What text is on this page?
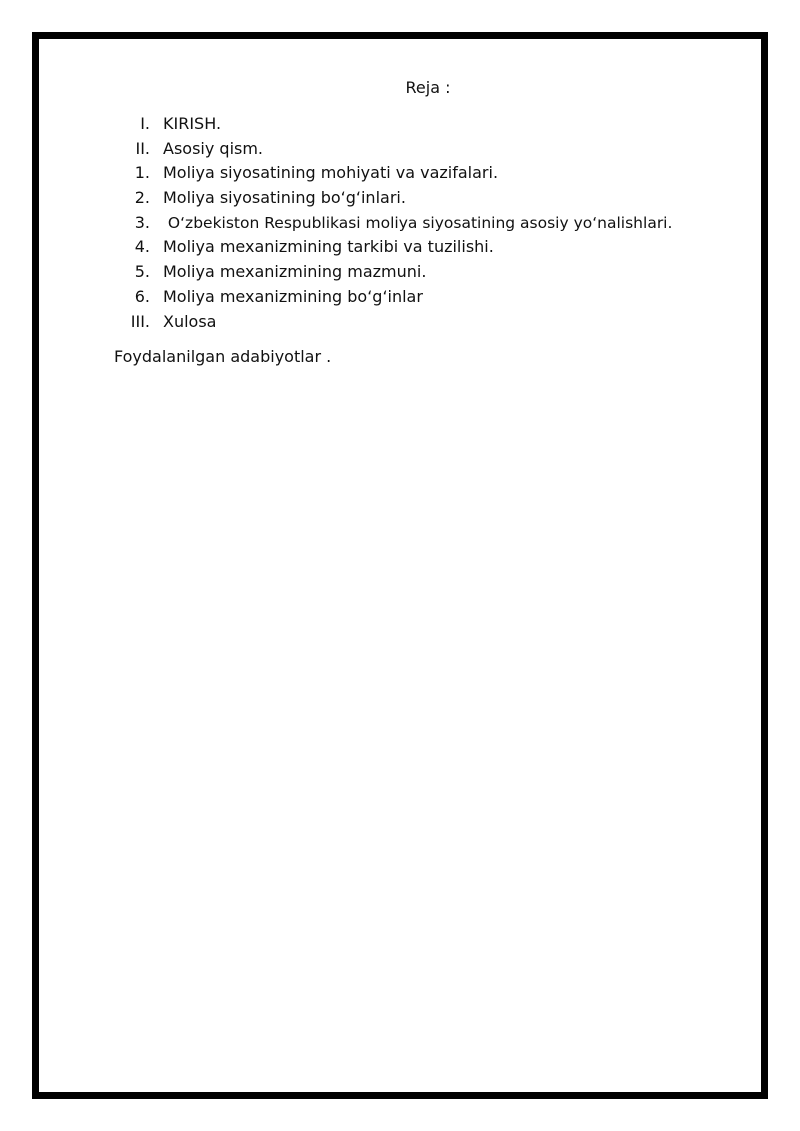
Reja :
I. KIRISH.
II. Asosiy qism.
1. Moliya siyosatining mohiyati va vazifalari.
2. Moliya siyosatining bo‘g‘inlari.
3. O‘zbekiston Respublikasi moliya siyosatining asosiy yo‘nalishlari.
4. Moliya mexanizmining tarkibi va tuzilishi.
5. Moliya mexanizmining mazmuni.
6. Moliya mexanizmining bo‘g‘inlar
III. Xulosa
Foydalanilgan adabiyotlar .
